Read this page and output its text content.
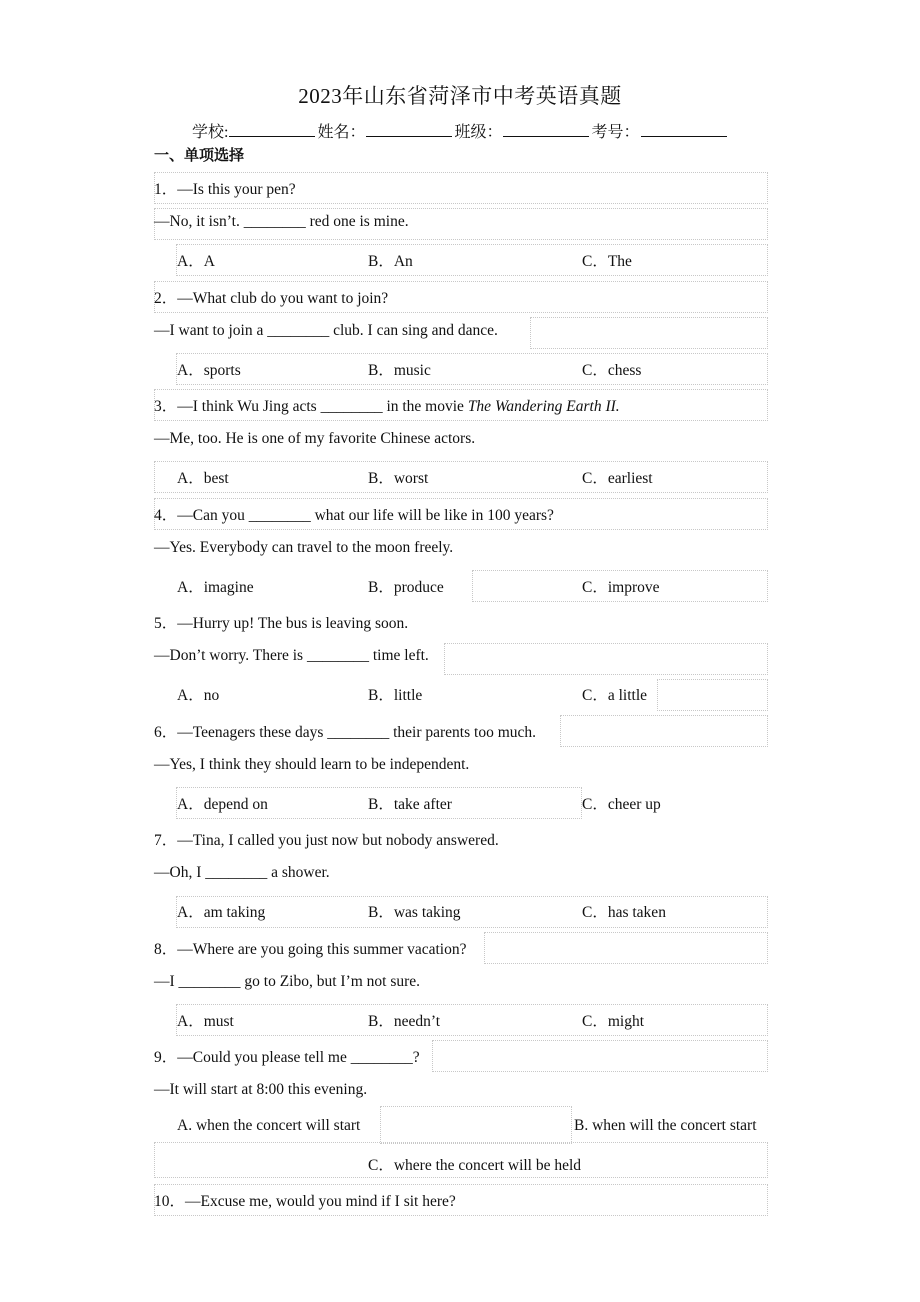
2023年山东省菏泽市中考英语真题
学校:	姓名：	班级：	考号：
一、单项选择
1．—Is this your pen?
—No, it isn’t. ________ red one is mine.
A．A	B．An	C．The
2．—What club do you want to join?
—I want to join a ________ club. I can sing and dance.
A．sports	B．music	C．chess
3．—I think Wu Jing acts ________ in the movie The Wandering Earth II.
—Me, too. He is one of my favorite Chinese actors.
A．best	B．worst	C．earliest
4．—Can you ________ what our life will be like in 100 years?
—Yes. Everybody can travel to the moon freely.
A．imagine	B．produce	C．improve
5．—Hurry up! The bus is leaving soon.
—Don’t worry. There is ________ time left.
A．no	B．little	C．a little
6．—Teenagers these days ________ their parents too much.
—Yes, I think they should learn to be independent.
A．depend on	B．take after	C．cheer up
7．—Tina, I called you just now but nobody answered.
—Oh, I ________ a shower.
A．am taking	B．was taking	C．has taken
8．—Where are you going this summer vacation?
—I ________ go to Zibo, but I’m not sure.
A．must	B．needn’t	C．might
9．—Could you please tell me ________?
—It will start at 8:00 this evening.
A. when the concert will start	B. when will the concert start
C．where the concert will be held
10．—Excuse me, would you mind if I sit here?
